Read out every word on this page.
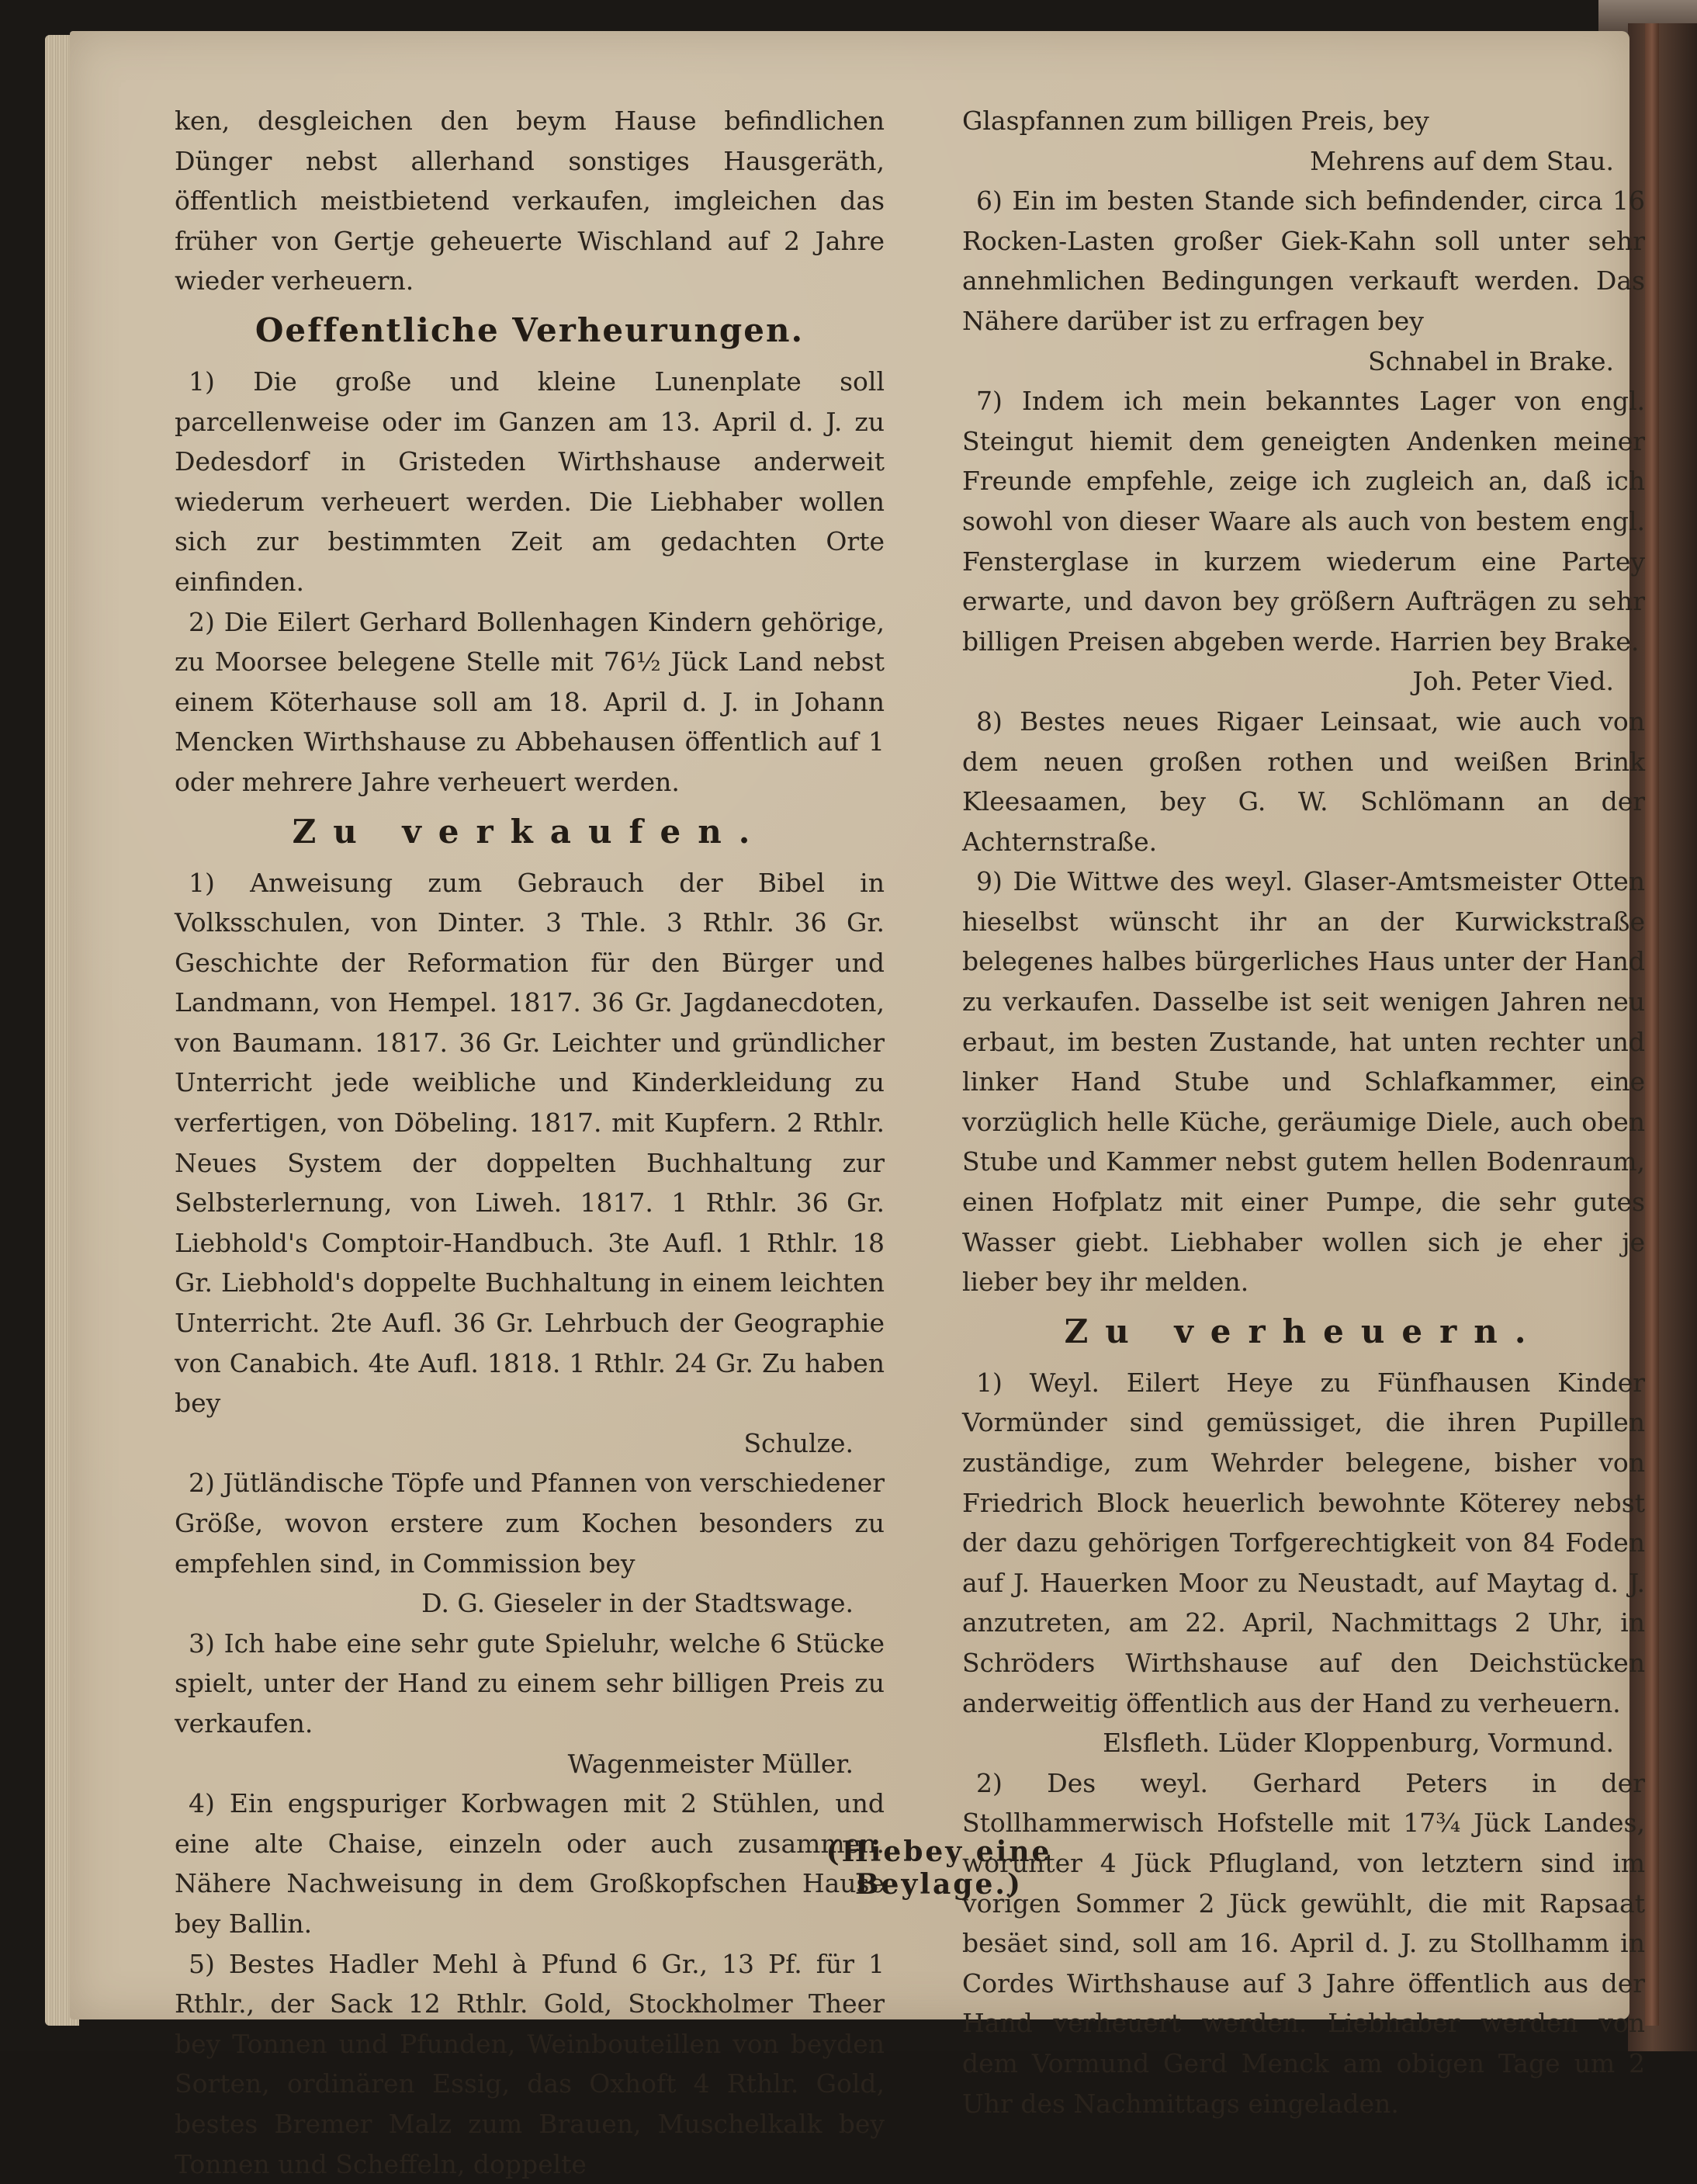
ken, desgleichen den beym Hause befindlichen Dünger nebst allerhand sonstiges Hausgeräth, öffentlich meistbietend verkaufen, imgleichen das früher von Gertje geheuerte Wischland auf 2 Jahre wieder verheuern.

Oeffentliche Verheurungen.

1) Die große und kleine Lunenplate soll parcellenweise oder im Ganzen am 13. April d. J. zu Dedesdorf in Gristeden Wirthshause anderweit wiederum verheuert werden. Die Liebhaber wollen sich zur bestimmten Zeit am gedachten Orte einfinden.

2) Die Eilert Gerhard Bollenhagen Kindern gehörige, zu Moorsee belegene Stelle mit 76½ Jück Land nebst einem Köterhause soll am 18. April d. J. in Johann Mencken Wirthshause zu Abbehausen öffentlich auf 1 oder mehrere Jahre verheuert werden.

Zu verkaufen.

1) Anweisung zum Gebrauch der Bibel in Volksschulen, von Dinter. 3 Thle. 3 Rthlr. 36 Gr. Geschichte der Reformation für den Bürger und Landmann, von Hempel. 1817. 36 Gr. Jagdanecdoten, von Baumann. 1817. 36 Gr. Leichter und gründlicher Unterricht jede weibliche und Kinderkleidung zu verfertigen, von Döbeling. 1817. mit Kupfern. 2 Rthlr. Neues System der doppelten Buchhaltung zur Selbsterlernung, von Liweh. 1817. 1 Rthlr. 36 Gr. Liebhold's Comptoir-Handbuch. 3te Aufl. 1 Rthlr. 18 Gr. Liebhold's doppelte Buchhaltung in einem leichten Unterricht. 2te Aufl. 36 Gr. Lehrbuch der Geographie von Canabich. 4te Aufl. 1818. 1 Rthlr. 24 Gr. Zu haben bey

Schulze.

2) Jütländische Töpfe und Pfannen von verschiedener Größe, wovon erstere zum Kochen besonders zu empfehlen sind, in Commission bey

D. G. Gieseler in der Stadtswage.

3) Ich habe eine sehr gute Spieluhr, welche 6 Stücke spielt, unter der Hand zu einem sehr billigen Preis zu verkaufen.

Wagenmeister Müller.

4) Ein engspuriger Korbwagen mit 2 Stühlen, und eine alte Chaise, einzeln oder auch zusammen. Nähere Nachweisung in dem Großkopfschen Hause bey Ballin.

5) Bestes Hadler Mehl à Pfund 6 Gr., 13 Pf. für 1 Rthlr., der Sack 12 Rthlr. Gold, Stockholmer Theer bey Tonnen und Pfunden, Weinbouteillen von beyden Sorten, ordinären Essig, das Oxhoft 4 Rthlr. Gold, bestes Bremer Malz zum Brauen, Muschelkalk bey Tonnen und Scheffeln, doppelte

Glaspfannen zum billigen Preis, bey

Mehrens auf dem Stau.

6) Ein im besten Stande sich befindender, circa 16 Rocken-Lasten großer Giek-Kahn soll unter sehr annehmlichen Bedingungen verkauft werden. Das Nähere darüber ist zu erfragen bey

Schnabel in Brake.

7) Indem ich mein bekanntes Lager von engl. Steingut hiemit dem geneigten Andenken meiner Freunde empfehle, zeige ich zugleich an, daß ich sowohl von dieser Waare als auch von bestem engl. Fensterglase in kurzem wiederum eine Partey erwarte, und davon bey größern Aufträgen zu sehr billigen Preisen abgeben werde. Harrien bey Brake.

Joh. Peter Vied.

8) Bestes neues Rigaer Leinsaat, wie auch von dem neuen großen rothen und weißen Brink Kleesaamen, bey G. W. Schlömann an der Achternstraße.

9) Die Wittwe des weyl. Glaser-Amtsmeister Otten hieselbst wünscht ihr an der Kurwickstraße belegenes halbes bürgerliches Haus unter der Hand zu verkaufen. Dasselbe ist seit wenigen Jahren neu erbaut, im besten Zustande, hat unten rechter und linker Hand Stube und Schlafkammer, eine vorzüglich helle Küche, geräumige Diele, auch oben Stube und Kammer nebst gutem hellen Bodenraum, einen Hofplatz mit einer Pumpe, die sehr gutes Wasser giebt. Liebhaber wollen sich je eher je lieber bey ihr melden.

Zu verheuern.

1) Weyl. Eilert Heye zu Fünfhausen Kinder Vormünder sind gemüssiget, die ihren Pupillen zuständige, zum Wehrder belegene, bisher von Friedrich Block heuerlich bewohnte Köterey nebst der dazu gehörigen Torfgerechtigkeit von 84 Foden auf J. Hauerken Moor zu Neustadt, auf Maytag d. J. anzutreten, am 22. April, Nachmittags 2 Uhr, in Schröders Wirthshause auf den Deichstücken anderweitig öffentlich aus der Hand zu verheuern.

Elsfleth. Lüder Kloppenburg, Vormund.

2) Des weyl. Gerhard Peters in der Stollhammerwisch Hofstelle mit 17¾ Jück Landes, worunter 4 Jück Pflugland, von letztern sind im vorigen Sommer 2 Jück gewühlt, die mit Rapsaat besäet sind, soll am 16. April d. J. zu Stollhamm in Cordes Wirthshause auf 3 Jahre öffentlich aus der Hand verheuert werden. Liebhaber werden von dem Vormund Gerd Menck am obigen Tage um 2 Uhr des Nachmittags eingeladen.

(Hiebey eine Beylage.)
